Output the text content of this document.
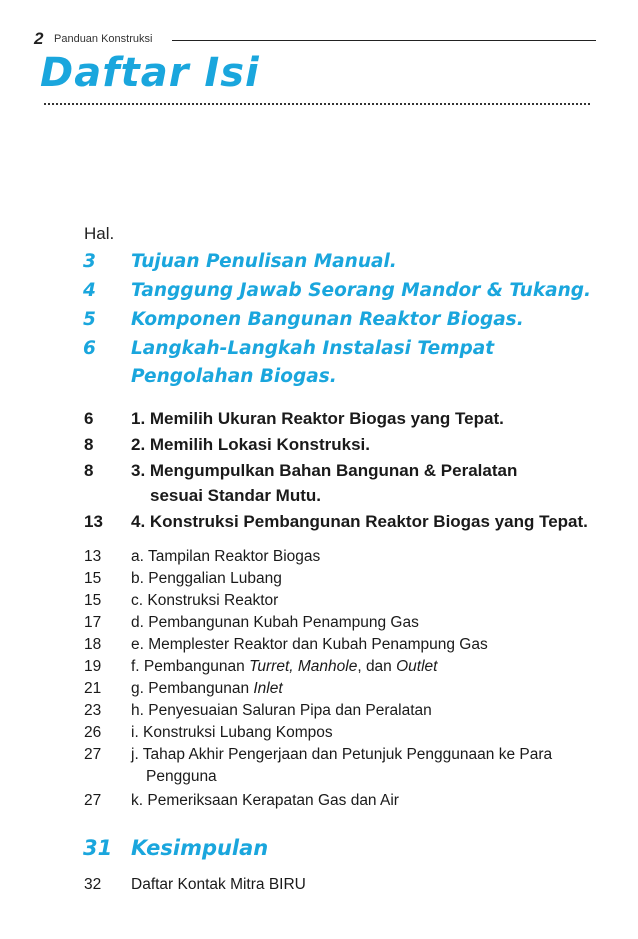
2 Panduan Konstruksi
Daftar Isi
Hal.
3 Tujuan Penulisan Manual.
4 Tanggung Jawab Seorang Mandor & Tukang.
5 Komponen Bangunan Reaktor Biogas.
6 Langkah-Langkah Instalasi Tempat
Pengolahan Biogas.
6 1. Memilih Ukuran Reaktor Biogas yang Tepat.
8 2. Memilih Lokasi Konstruksi.
8 3. Mengumpulkan Bahan Bangunan & Peralatan
sesuai Standar Mutu.
13 4. Konstruksi Pembangunan Reaktor Biogas yang Tepat.
13 a. Tampilan Reaktor Biogas
15 b. Penggalian Lubang
15 c. Konstruksi Reaktor
17 d. Pembangunan Kubah Penampung Gas
18 e. Memplester Reaktor dan Kubah Penampung Gas
19 f. Pembangunan Turret, Manhole, dan Outlet
21 g. Pembangunan Inlet
23 h. Penyesuaian Saluran Pipa dan Peralatan
26 i. Konstruksi Lubang Kompos
27 j. Tahap Akhir Pengerjaan dan Petunjuk Penggunaan ke Para
Pengguna
27 k. Pemeriksaan Kerapatan Gas dan Air
31 Kesimpulan
32 Daftar Kontak Mitra BIRU
